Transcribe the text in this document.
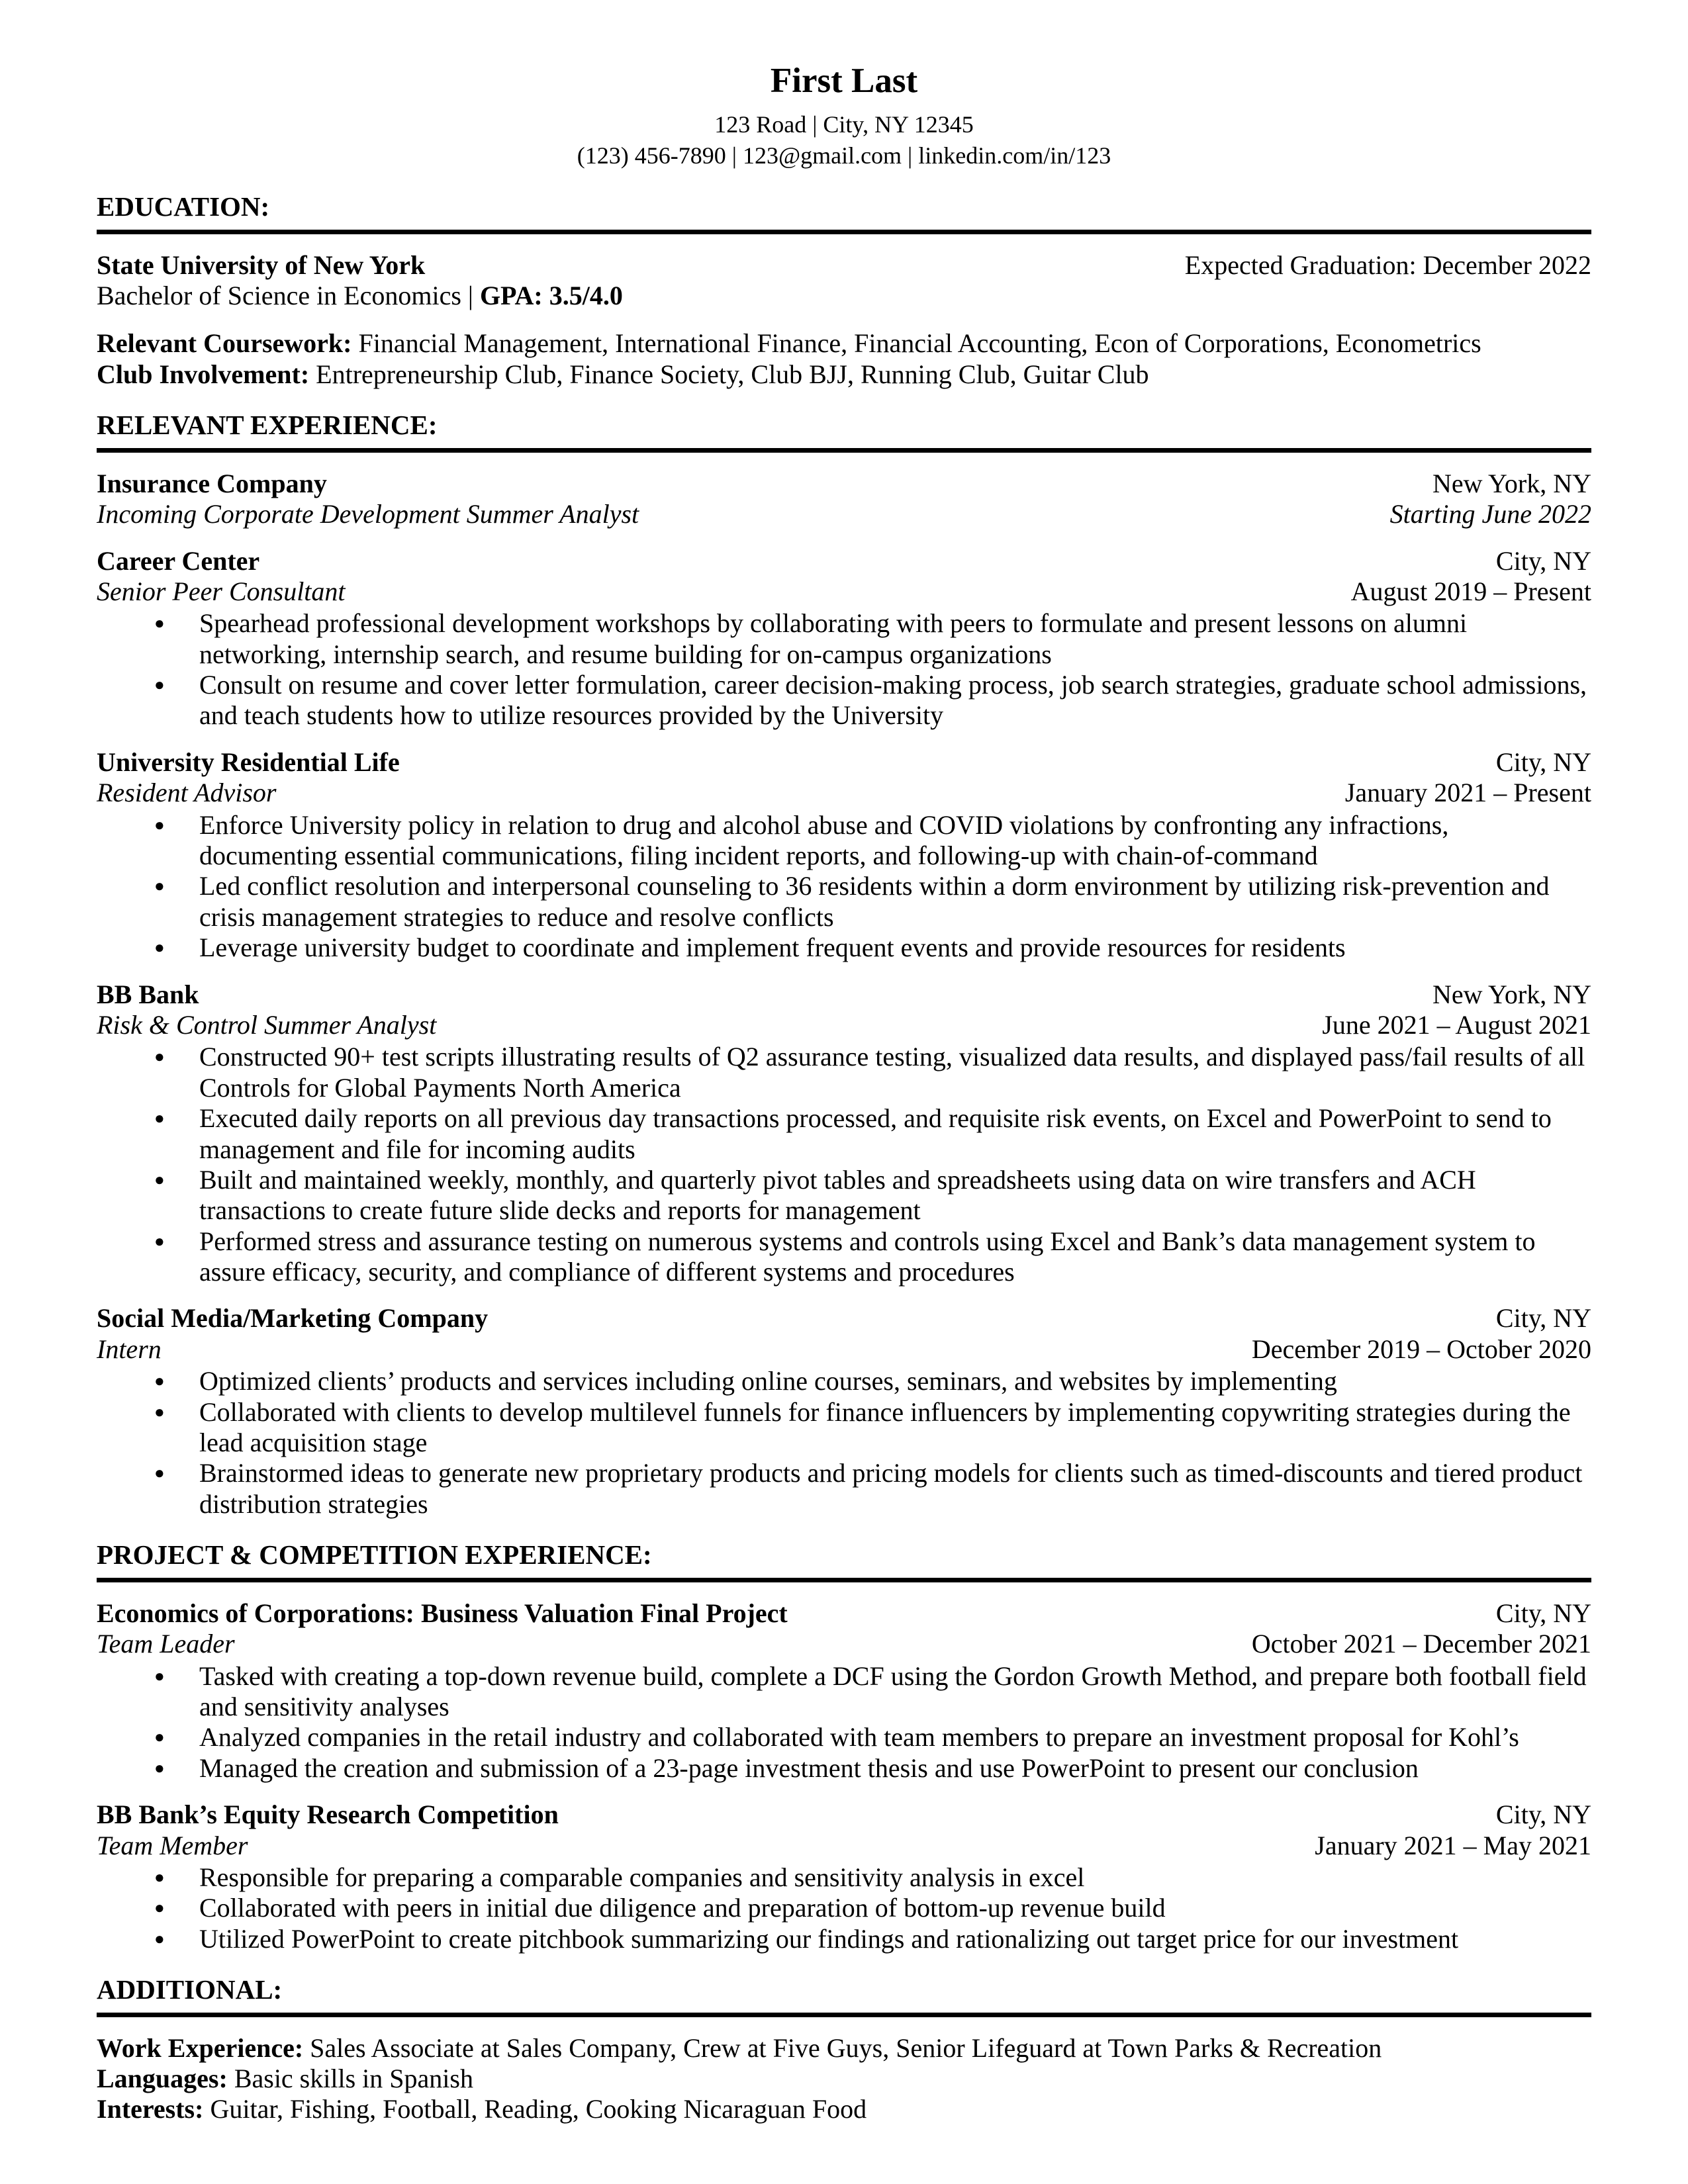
First Last
123 Road | City, NY 12345
(123) 456-7890 | 123@gmail.com | linkedin.com/in/123
EDUCATION:
State University of New York	Expected Graduation: December 2022
Bachelor of Science in Economics | GPA: 3.5/4.0
Relevant Coursework: Financial Management, International Finance, Financial Accounting, Econ of Corporations, Econometrics
Club Involvement: Entrepreneurship Club, Finance Society, Club BJJ, Running Club, Guitar Club
RELEVANT EXPERIENCE:
Insurance Company	New York, NY
Incoming Corporate Development Summer Analyst	Starting June 2022
Career Center	City, NY
Senior Peer Consultant	August 2019 – Present
● Spearhead professional development workshops by collaborating with peers to formulate and present lessons on alumni networking, internship search, and resume building for on-campus organizations
● Consult on resume and cover letter formulation, career decision-making process, job search strategies, graduate school admissions, and teach students how to utilize resources provided by the University
University Residential Life	City, NY
Resident Advisor	January 2021 – Present
● Enforce University policy in relation to drug and alcohol abuse and COVID violations by confronting any infractions, documenting essential communications, filing incident reports, and following-up with chain-of-command
● Led conflict resolution and interpersonal counseling to 36 residents within a dorm environment by utilizing risk-prevention and crisis management strategies to reduce and resolve conflicts
● Leverage university budget to coordinate and implement frequent events and provide resources for residents
BB Bank	New York, NY
Risk & Control Summer Analyst	June 2021 – August 2021
● Constructed 90+ test scripts illustrating results of Q2 assurance testing, visualized data results, and displayed pass/fail results of all Controls for Global Payments North America
● Executed daily reports on all previous day transactions processed, and requisite risk events, on Excel and PowerPoint to send to management and file for incoming audits
● Built and maintained weekly, monthly, and quarterly pivot tables and spreadsheets using data on wire transfers and ACH transactions to create future slide decks and reports for management
● Performed stress and assurance testing on numerous systems and controls using Excel and Bank’s data management system to assure efficacy, security, and compliance of different systems and procedures
Social Media/Marketing Company	City, NY
Intern	December 2019 – October 2020
● Optimized clients’ products and services including online courses, seminars, and websites by implementing
● Collaborated with clients to develop multilevel funnels for finance influencers by implementing copywriting strategies during the lead acquisition stage
● Brainstormed ideas to generate new proprietary products and pricing models for clients such as timed-discounts and tiered product distribution strategies
PROJECT & COMPETITION EXPERIENCE:
Economics of Corporations: Business Valuation Final Project	City, NY
Team Leader	October 2021 – December 2021
● Tasked with creating a top-down revenue build, complete a DCF using the Gordon Growth Method, and prepare both football field and sensitivity analyses
● Analyzed companies in the retail industry and collaborated with team members to prepare an investment proposal for Kohl’s
● Managed the creation and submission of a 23-page investment thesis and use PowerPoint to present our conclusion
BB Bank’s Equity Research Competition	City, NY
Team Member	January 2021 – May 2021
● Responsible for preparing a comparable companies and sensitivity analysis in excel
● Collaborated with peers in initial due diligence and preparation of bottom-up revenue build
● Utilized PowerPoint to create pitchbook summarizing our findings and rationalizing out target price for our investment
ADDITIONAL:
Work Experience: Sales Associate at Sales Company, Crew at Five Guys, Senior Lifeguard at Town Parks & Recreation
Languages: Basic skills in Spanish
Interests: Guitar, Fishing, Football, Reading, Cooking Nicaraguan Food
